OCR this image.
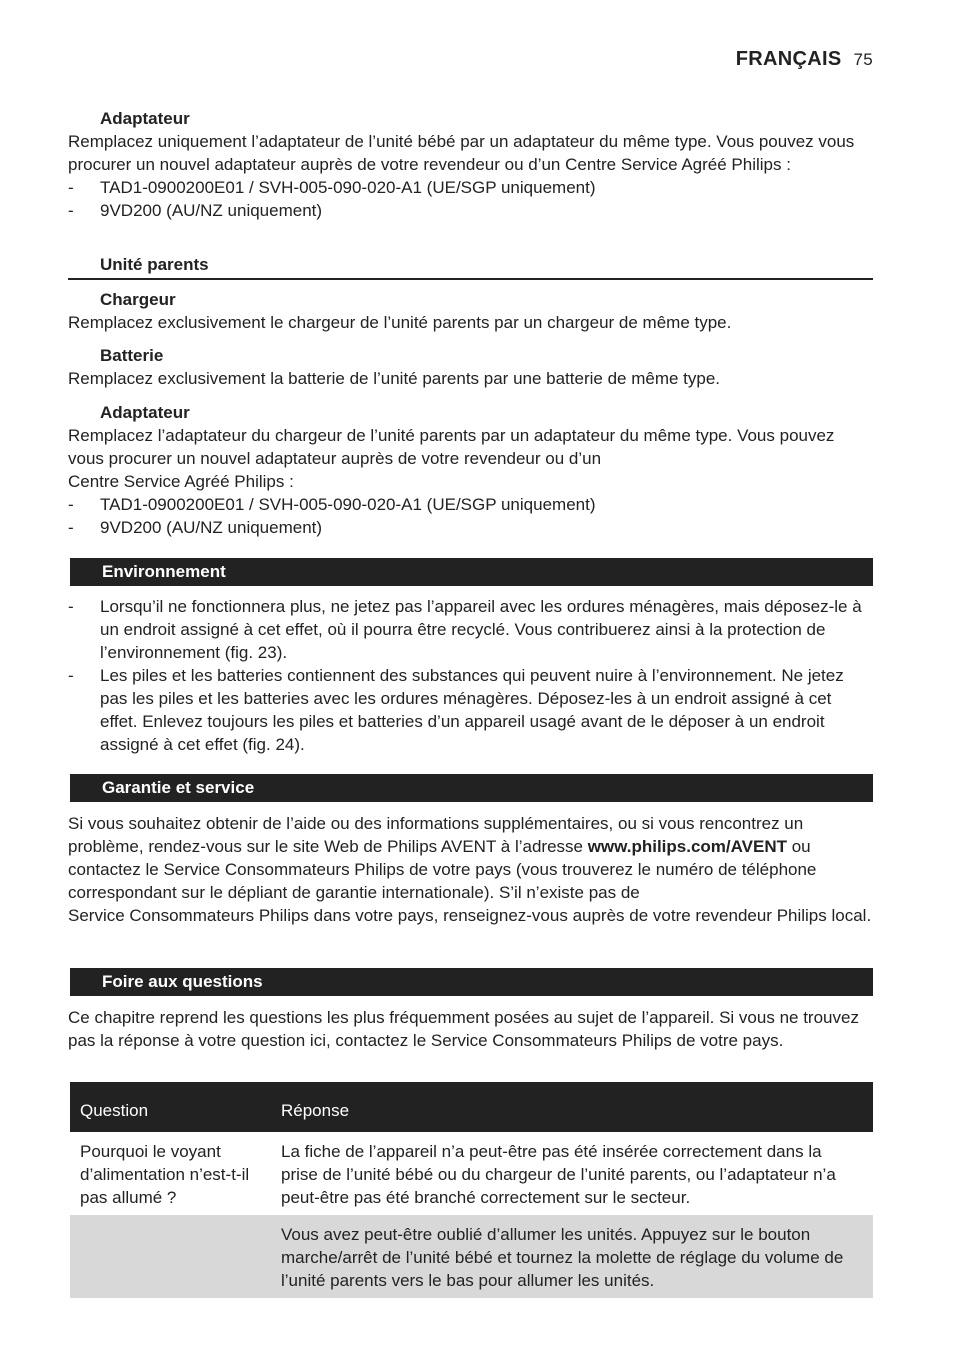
FRANÇAIS 75
Adaptateur

Remplacez uniquement l’adaptateur de l’unité bébé par un adaptateur du même type. Vous pouvez vous procurer un nouvel adaptateur auprès de votre revendeur ou d’un Centre Service Agréé Philips :

- TAD1-0900200E01 / SVH-005-090-020-A1 (UE/SGP uniquement)
- 9VD200 (AU/NZ uniquement)
Unité parents
Chargeur

Remplacez exclusivement le chargeur de l’unité parents par un chargeur de même type.

Batterie

Remplacez exclusivement la batterie de l’unité parents par une batterie de même type.

Adaptateur

Remplacez l’adaptateur du chargeur de l’unité parents par un adaptateur du même type. Vous pouvez vous procurer un nouvel adaptateur auprès de votre revendeur ou d’un

Centre Service Agréé Philips :

- TAD1-0900200E01 / SVH-005-090-020-A1 (UE/SGP uniquement)
- 9VD200 (AU/NZ uniquement)
Environnement
- Lorsqu’il ne fonctionnera plus, ne jetez pas l’appareil avec les ordures ménagères, mais déposez-le à un endroit assigné à cet effet, où il pourra être recyclé. Vous contribuerez ainsi à la protection de l’environnement (fig. 23).
- Les piles et les batteries contiennent des substances qui peuvent nuire à l’environnement. Ne jetez pas les piles et les batteries avec les ordures ménagères. Déposez-les à un endroit assigné à cet effet. Enlevez toujours les piles et batteries d’un appareil usagé avant de le déposer à un endroit assigné à cet effet (fig. 24).
Garantie et service

Si vous souhaitez obtenir de l’aide ou des informations supplémentaires, ou si vous rencontrez un problème, rendez-vous sur le site Web de Philips AVENT à l’adresse www.philips.com/AVENT ou contactez le Service Consommateurs Philips de votre pays (vous trouverez le numéro de téléphone correspondant sur le dépliant de garantie internationale). S’il n’existe pas de

Service Consommateurs Philips dans votre pays, renseignez-vous auprès de votre revendeur Philips local.

Foire aux questions

Ce chapitre reprend les questions les plus fréquemment posées au sujet de l’appareil. Si vous ne trouvez pas la réponse à votre question ici, contactez le Service Consommateurs Philips de votre pays.

Question	Réponse
Pourquoi le voyant d’alimentation n’est-t-il pas allumé ?	La fiche de l’appareil n’a peut-être pas été insérée correctement dans la prise de l’unité bébé ou du chargeur de l’unité parents, ou l’adaptateur n’a peut-être pas été branché correctement sur le secteur.
	Vous avez peut-être oublié d’allumer les unités. Appuyez sur le bouton marche/arrêt de l’unité bébé et tournez la molette de réglage du volume de l’unité parents vers le bas pour allumer les unités.
